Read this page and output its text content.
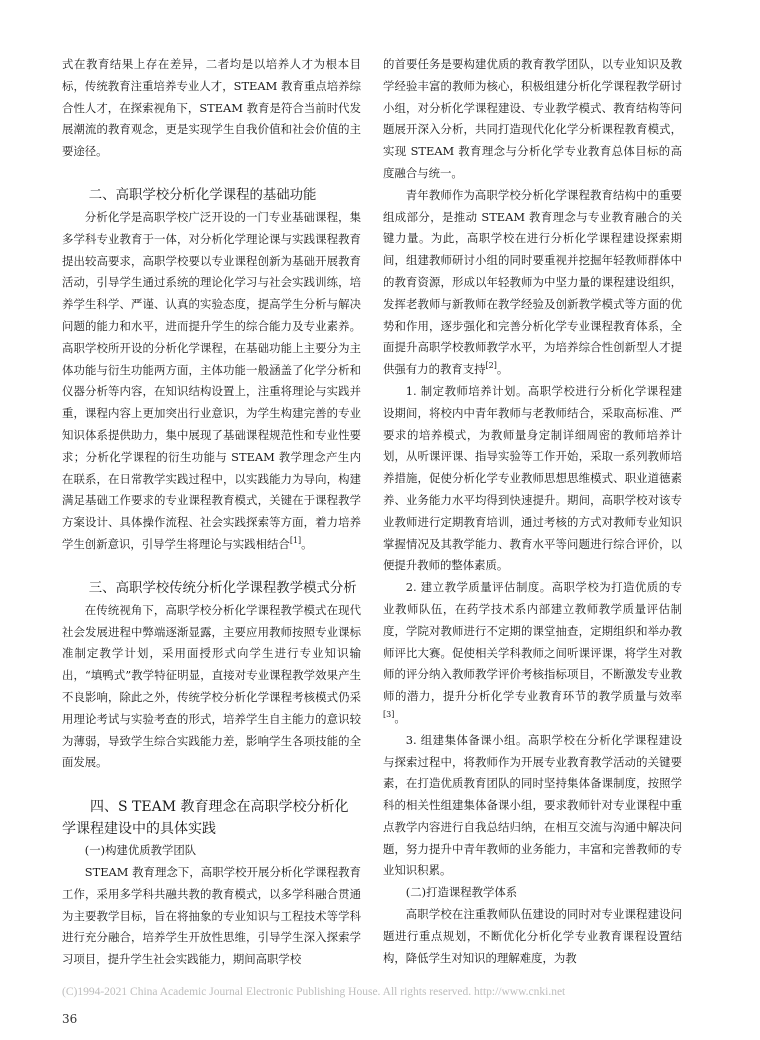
式在教育结果上存在差异，二者均是以培养人才为根本目标，传统教育注重培养专业人才，STEAM 教育重点培养综合性人才，在探索视角下，STEAM 教育是符合当前时代发展潮流的教育观念，更是实现学生自我价值和社会价值的主要途径。

二、高职学校分析化学课程的基础功能

分析化学是高职学校广泛开设的一门专业基础课程，集多学科专业教育于一体，对分析化学理论课与实践课程教育提出较高要求，高职学校要以专业课程创新为基础开展教育活动，引导学生通过系统的理论化学习与社会实践训练，培养学生科学、严谨、认真的实验态度，提高学生分析与解决问题的能力和水平，进而提升学生的综合能力及专业素养。高职学校所开设的分析化学课程，在基础功能上主要分为主体功能与衍生功能两方面，主体功能一般涵盖了化学分析和仪器分析等内容，在知识结构设置上，注重将理论与实践并重，课程内容上更加突出行业意识，为学生构建完善的专业知识体系提供助力，集中展现了基础课程规范性和专业性要求；分析化学课程的衍生功能与 STEAM 教学理念产生内在联系，在日常教学实践过程中，以实践能力为导向，构建满足基础工作要求的专业课程教育模式，关键在于课程教学方案设计、具体操作流程、社会实践探索等方面，着力培养学生创新意识，引导学生将理论与实践相结合[1]。

三、高职学校传统分析化学课程教学模式分析

在传统视角下，高职学校分析化学课程教学模式在现代社会发展进程中弊端逐渐显露，主要应用教师按照专业课标准制定教学计划，采用面授形式向学生进行专业知识输出，“填鸭式”教学特征明显，直接对专业课程教学效果产生不良影响，除此之外，传统学校分析化学课程考核模式仍采用理论考试与实验考查的形式，培养学生自主能力的意识较为薄弱，导致学生综合实践能力差，影响学生各项技能的全面发展。

四、S TEAM 教育理念在高职学校分析化学课程建设中的具体实践
(一)构建优质教学团队

STEAM 教育理念下，高职学校开展分析化学课程教育工作，采用多学科共融共教的教育模式，以多学科融合贯通为主要教学目标，旨在将抽象的专业知识与工程技术等学科进行充分融合，培养学生开放性思维，引导学生深入探索学习项目，提升学生社会实践能力，期间高职学校

的首要任务是要构建优质的教育教学团队，以专业知识及教学经验丰富的教师为核心，积极组建分析化学课程教学研讨小组，对分析化学课程建设、专业教学模式、教育结构等问题展开深入分析，共同打造现代化化学分析课程教育模式，实现 STEAM 教育理念与分析化学专业教育总体目标的高度融合与统一。

青年教师作为高职学校分析化学课程教育结构中的重要组成部分，是推动 STEAM 教育理念与专业教育融合的关键力量。为此，高职学校在进行分析化学课程建设探索期间，组建教师研讨小组的同时要重视并挖掘年轻教师群体中的教育资源，形成以年轻教师为中坚力量的课程建设组织，发挥老教师与新教师在教学经验及创新教学模式等方面的优势和作用，逐步强化和完善分析化学专业课程教育体系，全面提升高职学校教师教学水平，为培养综合性创新型人才提供强有力的教育支持[2]。

1. 制定教师培养计划。高职学校进行分析化学课程建设期间，将校内中青年教师与老教师结合，采取高标准、严要求的培养模式，为教师量身定制详细周密的教师培养计划，从听课评课、指导实验等工作开始，采取一系列教师培养措施，促使分析化学专业教师思想思维模式、职业道德素养、业务能力水平均得到快速提升。期间，高职学校对该专业教师进行定期教育培训，通过考核的方式对教师专业知识掌握情况及其教学能力、教育水平等问题进行综合评价，以便提升教师的整体素质。

2. 建立教学质量评估制度。高职学校为打造优质的专业教师队伍，在药学技术系内部建立教师教学质量评估制度，学院对教师进行不定期的课堂抽查，定期组织和举办教师评比大赛。促使相关学科教师之间听课评课，将学生对教师的评分纳入教师教学评价考核指标项目，不断激发专业教师的潜力，提升分析化学专业教育环节的教学质量与效率[3]。

3. 组建集体备课小组。高职学校在分析化学课程建设与探索过程中，将教师作为开展专业教育教学活动的关键要素，在打造优质教育团队的同时坚持集体备课制度，按照学科的相关性组建集体备课小组，要求教师针对专业课程中重点教学内容进行自我总结归纳，在相互交流与沟通中解决问题，努力提升中青年教师的业务能力，丰富和完善教师的专业知识积累。

(二)打造课程教学体系

高职学校在注重教师队伍建设的同时对专业课程建设问题进行重点规划，不断优化分析化学专业教育课程设置结构，降低学生对知识的理解难度，为教

(C)1994-2021 China Academic Journal Electronic Publishing House. All rights reserved. http://www.cnki.net
36
